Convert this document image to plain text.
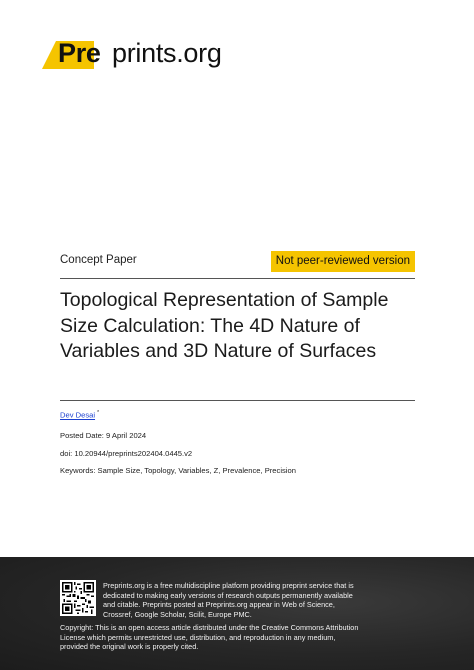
Pre prints.org
Concept Paper	Not peer-reviewed version
Topological Representation of Sample Size Calculation: The 4D Nature of Variables and 3D Nature of Surfaces
Dev Desai *
Posted Date: 9 April 2024
doi: 10.20944/preprints202404.0445.v2
Keywords: Sample Size, Topology, Variables, Z, Prevalence, Precision
Preprints.org is a free multidiscipline platform providing preprint service that is dedicated to making early versions of research outputs permanently available and citable. Preprints posted at Preprints.org appear in Web of Science, Crossref, Google Scholar, Scilit, Europe PMC.
Copyright: This is an open access article distributed under the Creative Commons Attribution License which permits unrestricted use, distribution, and reproduction in any medium, provided the original work is properly cited.
